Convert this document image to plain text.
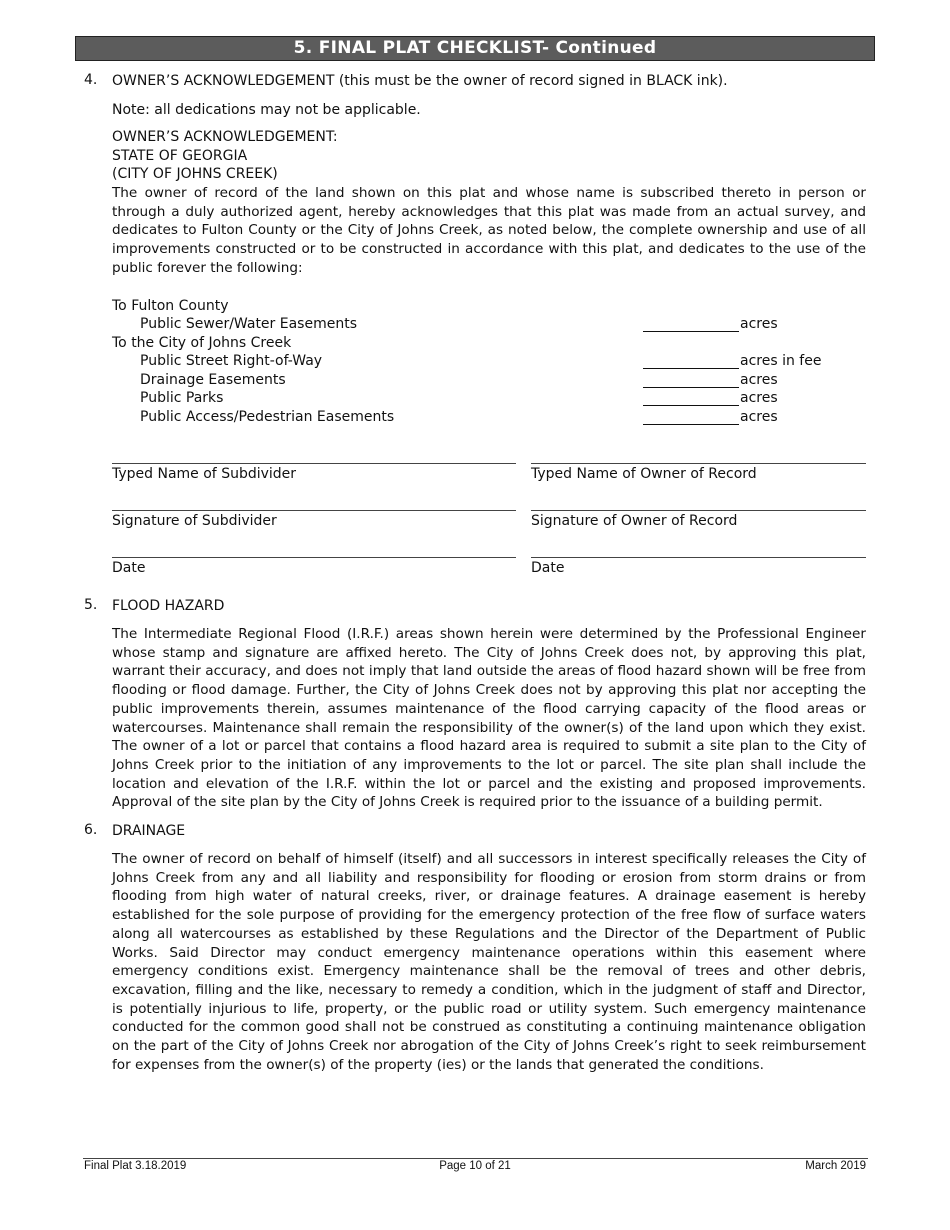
5. FINAL PLAT CHECKLIST- Continued
4. OWNER’S ACKNOWLEDGEMENT (this must be the owner of record signed in BLACK ink).
Note: all dedications may not be applicable.
OWNER’S ACKNOWLEDGEMENT:
STATE OF GEORGIA
(CITY OF JOHNS CREEK)

The owner of record of the land shown on this plat and whose name is subscribed thereto in person or through a duly authorized agent, hereby acknowledges that this plat was made from an actual survey, and dedicates to Fulton County or the City of Johns Creek, as noted below, the complete ownership and use of all improvements constructed or to be constructed in accordance with this plat, and dedicates to the use of the public forever the following:

To Fulton County
Public Sewer/Water Easements	acres
To the City of Johns Creek
Public Street Right-of-Way	acres in fee
Drainage Easements	acres
Public Parks	acres
Public Access/Pedestrian Easements	acres
Typed Name of Subdivider	Typed Name of Owner of Record
Signature of Subdivider	Signature of Owner of Record
Date	Date
5. FLOOD HAZARD

The Intermediate Regional Flood (I.R.F.) areas shown herein were determined by the Professional Engineer whose stamp and signature are affixed hereto. The City of Johns Creek does not, by approving this plat, warrant their accuracy, and does not imply that land outside the areas of flood hazard shown will be free from flooding or flood damage. Further, the City of Johns Creek does not by approving this plat nor accepting the public improvements therein, assumes maintenance of the flood carrying capacity of the flood areas or watercourses. Maintenance shall remain the responsibility of the owner(s) of the land upon which they exist. The owner of a lot or parcel that contains a flood hazard area is required to submit a site plan to the City of Johns Creek prior to the initiation of any improvements to the lot or parcel. The site plan shall include the location and elevation of the I.R.F. within the lot or parcel and the existing and proposed improvements. Approval of the site plan by the City of Johns Creek is required prior to the issuance of a building permit.

6. DRAINAGE

The owner of record on behalf of himself (itself) and all successors in interest specifically releases the City of Johns Creek from any and all liability and responsibility for flooding or erosion from storm drains or from flooding from high water of natural creeks, river, or drainage features. A drainage easement is hereby established for the sole purpose of providing for the emergency protection of the free flow of surface waters along all watercourses as established by these Regulations and the Director of the Department of Public Works. Said Director may conduct emergency maintenance operations within this easement where emergency conditions exist. Emergency maintenance shall be the removal of trees and other debris, excavation, filling and the like, necessary to remedy a condition, which in the judgment of staff and Director, is potentially injurious to life, property, or the public road or utility system. Such emergency maintenance conducted for the common good shall not be construed as constituting a continuing maintenance obligation on the part of the City of Johns Creek nor abrogation of the City of Johns Creek’s right to seek reimbursement for expenses from the owner(s) of the property (ies) or the lands that generated the conditions.

Final Plat 3.18.2019	Page 10 of 21	March 2019
